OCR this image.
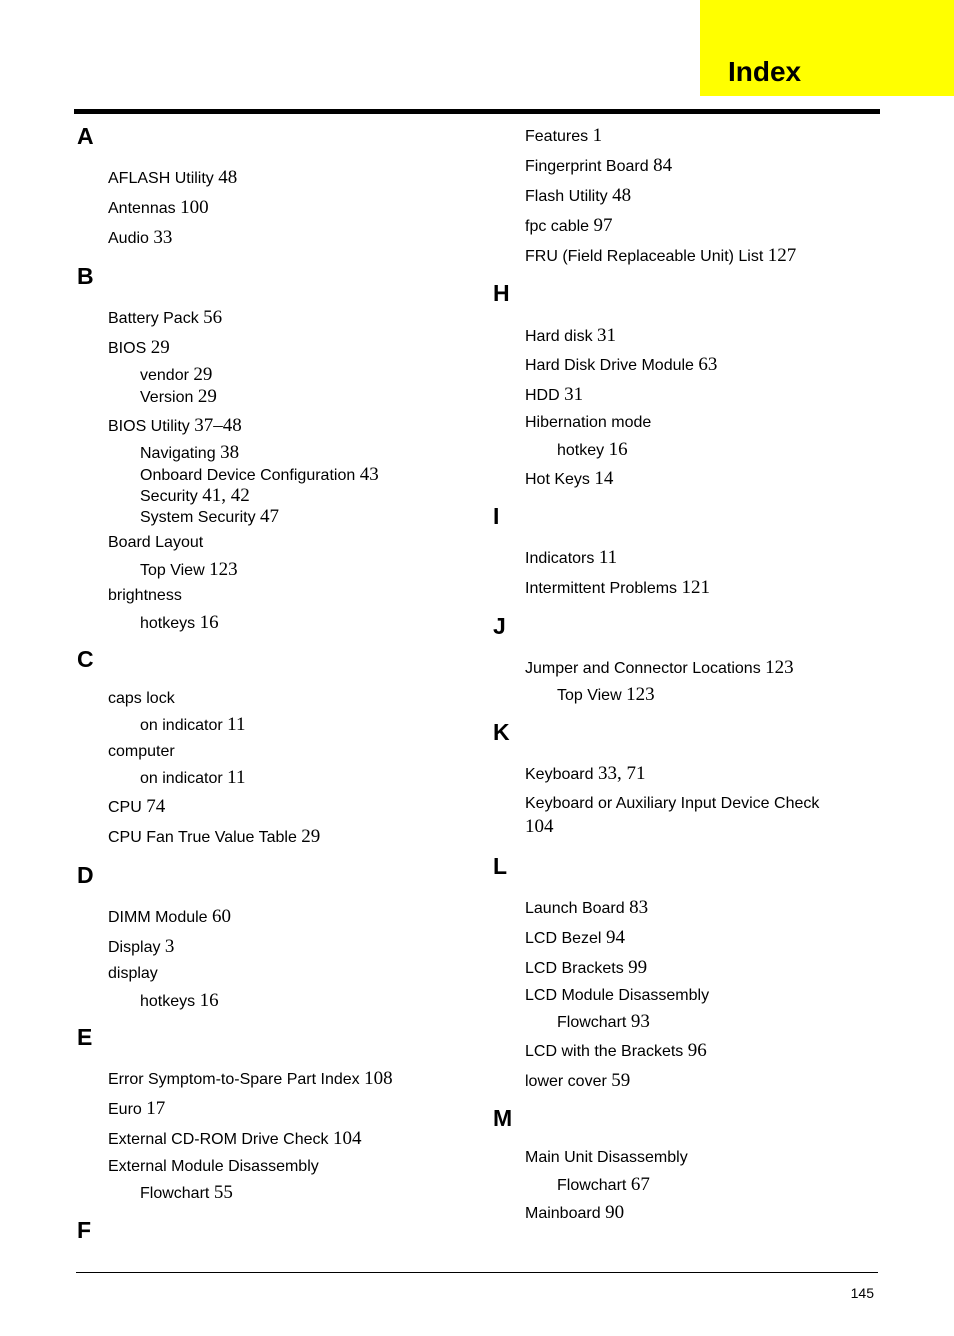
Index
A
B
C
D
E
F
H
I
J
K
L
M
AFLASH Utility 48
Antennas 100
Audio 33
Battery Pack 56
BIOS 29
vendor 29
Version 29
BIOS Utility 37–48
Navigating 38
Onboard Device Configuration 43
Security 41, 42
System Security 47
Board Layout
Top View 123
brightness
hotkeys 16
caps lock
on indicator 11
computer
on indicator 11
CPU 74
CPU Fan True Value Table 29
DIMM Module 60
Display 3
display
hotkeys 16
Error Symptom-to-Spare Part Index 108
Euro 17
External CD-ROM Drive Check 104
External Module Disassembly
Flowchart 55
Features 1
Fingerprint Board 84
Flash Utility 48
fpc cable 97
FRU (Field Replaceable Unit) List 127
Hard disk 31
Hard Disk Drive Module 63
HDD 31
Hibernation mode
hotkey 16
Hot Keys 14
Indicators 11
Intermittent Problems 121
Jumper and Connector Locations 123
Top View 123
Keyboard 33, 71
Keyboard or Auxiliary Input Device Check
104
Launch Board 83
LCD Bezel 94
LCD Brackets 99
LCD Module Disassembly
Flowchart 93
LCD with the Brackets 96
lower cover 59
Main Unit Disassembly
Flowchart 67
Mainboard 90
145
